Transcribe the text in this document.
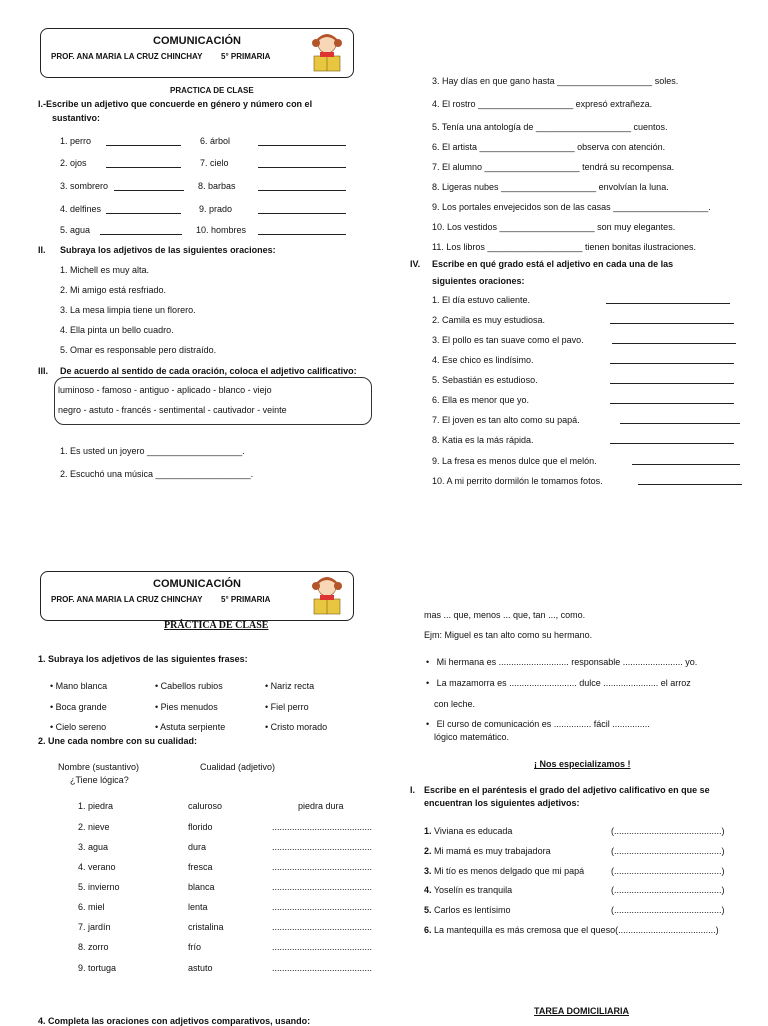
COMUNICACIÓN
PROF. ANA MARIA LA CRUZ CHINCHAY 5° PRIMARIA
PRACTICA DE CLASE
I.-Escribe un adjetivo que concuerde en género y número con el
sustantivo:
1. perro	6. árbol
2. ojos	7. cielo
3. sombrero	8. barbas
4. delfines	9. prado
5. agua	10. hombres
II. Subraya los adjetivos de las siguientes oraciones:
1. Michell es muy alta.
2. Mi amigo está resfriado.
3. La mesa limpia tiene un florero.
4. Ella pinta un bello cuadro.
5. Omar es responsable pero distraído.
III. De acuerdo al sentido de cada oración, coloca el adjetivo calificativo:
luminoso - famoso - antiguo - aplicado - blanco - viejo
negro - astuto - francés - sentimental - cautivador - veinte
1. Es usted un joyero ___________________.
2. Escuchó una música ___________________.
3. Hay días en que gano hasta ___________________ soles.
4. El rostro ___________________ expresó extrañeza.
5. Tenía una antología de ___________________ cuentos.
6. El artista ___________________ observa con atención.
7. El alumno ___________________ tendrá su recompensa.
8. Ligeras nubes ___________________ envolvían la luna.
9. Los portales envejecidos son de las casas ___________________.
10. Los vestidos ___________________ son muy elegantes.
11. Los libros ___________________ tienen bonitas ilustraciones.
IV. Escribe en qué grado está el adjetivo en cada una de las
siguientes oraciones:
1. El día estuvo caliente.
2. Camila es muy estudiosa.
3. El pollo es tan suave como el pavo.
4. Ese chico es lindísimo.
5. Sebastián es estudioso.
6. Ella es menor que yo.
7. El joven es tan alto como su papá.
8. Katia es la más rápida.
9. La fresa es menos dulce que el melón.
10. A mi perrito dormilón le tomamos fotos.
COMUNICACIÓN
PROF. ANA MARIA LA CRUZ CHINCHAY 5° PRIMARIA
PRÁCTICA DE CLASE
1. Subraya los adjetivos de las siguientes frases:
• Mano blanca	• Cabellos rubios	• Nariz recta
• Boca grande	• Pies menudos	• Fiel perro
• Cielo sereno	• Astuta serpiente	• Cristo morado
2. Une cada nombre con su cualidad:
Nombre (sustantivo)	Cualidad (adjetivo)
¿Tiene lógica?
1. piedra	caluroso	piedra dura
2. nieve	florido	........................................
3. agua	dura	........................................
4. verano	fresca	........................................
5. invierno	blanca	........................................
6. miel	lenta	........................................
7. jardín	cristalina	........................................
8. zorro	frío	........................................
9. tortuga	astuto	........................................
4. Completa las oraciones con adjetivos comparativos, usando:
mas ... que, menos ... que, tan ..., como.
Ejm: Miguel es tan alto como su hermano.
•   Mi hermana es ............................ responsable ........................ yo.
•   La mazamorra es ........................... dulce ...................... el arroz
con leche.
•   El curso de comunicación es ............... fácil ...............
lógico matemático.
¡ Nos especializamos !
I. Escribe en el paréntesis el grado del adjetivo calificativo en que se
encuentran los siguientes adjetivos:
1. Viviana es educada	(...........................................)
2. Mi mamá es muy trabajadora	(...........................................)
3. Mi tío es menos delgado que mi papá	(...........................................)
4. Yoselín es tranquila	(...........................................)
5. Carlos es lentísimo	(...........................................)
6. La mantequilla es más cremosa que el queso(.......................................)
TAREA DOMICILIARIA
